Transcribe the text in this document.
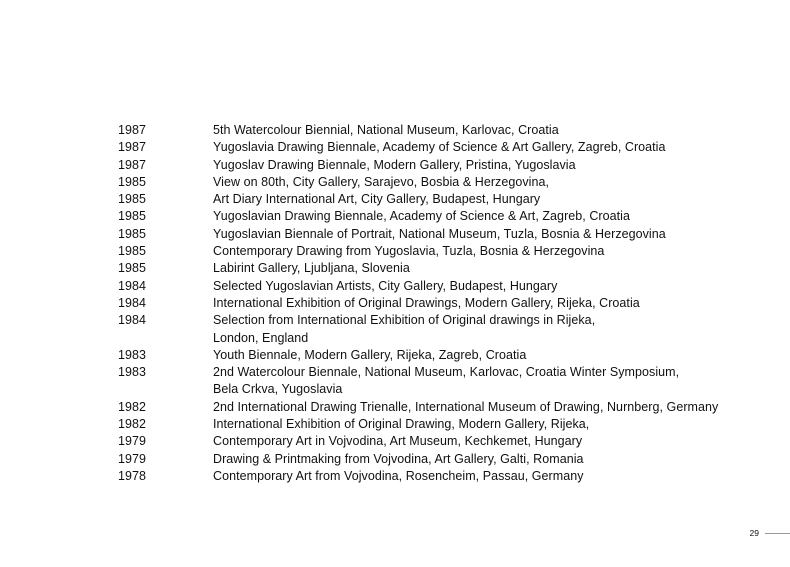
1987	5th Watercolour Biennial, National Museum, Karlovac, Croatia
1987	Yugoslavia Drawing Biennale, Academy of Science & Art Gallery, Zagreb, Croatia
1987	Yugoslav Drawing Biennale, Modern Gallery, Pristina, Yugoslavia
1985	View on 80th, City Gallery, Sarajevo, Bosbia & Herzegovina,
1985	Art Diary International Art, City Gallery, Budapest, Hungary
1985	Yugoslavian Drawing Biennale, Academy of Science & Art, Zagreb, Croatia
1985	Yugoslavian Biennale of Portrait, National Museum, Tuzla, Bosnia & Herzegovina
1985	Contemporary Drawing from Yugoslavia, Tuzla, Bosnia & Herzegovina
1985	Labirint Gallery, Ljubljana, Slovenia
1984	Selected Yugoslavian Artists, City Gallery, Budapest, Hungary
1984	International Exhibition of Original Drawings, Modern Gallery, Rijeka, Croatia
1984	Selection from International Exhibition of Original drawings in Rijeka,
London, England
1983	Youth Biennale, Modern Gallery, Rijeka, Zagreb, Croatia
1983	2nd Watercolour Biennale, National Museum, Karlovac, Croatia Winter Symposium,
Bela Crkva, Yugoslavia
1982	2nd International Drawing Trienalle, International Museum of Drawing, Nurnberg, Germany
1982	International Exhibition of Original Drawing, Modern Gallery, Rijeka,
1979	Contemporary Art in Vojvodina, Art Museum, Kechkemet, Hungary
1979	Drawing & Printmaking from Vojvodina, Art Gallery, Galti, Romania
1978	Contemporary Art from Vojvodina, Rosencheim, Passau, Germany
29
